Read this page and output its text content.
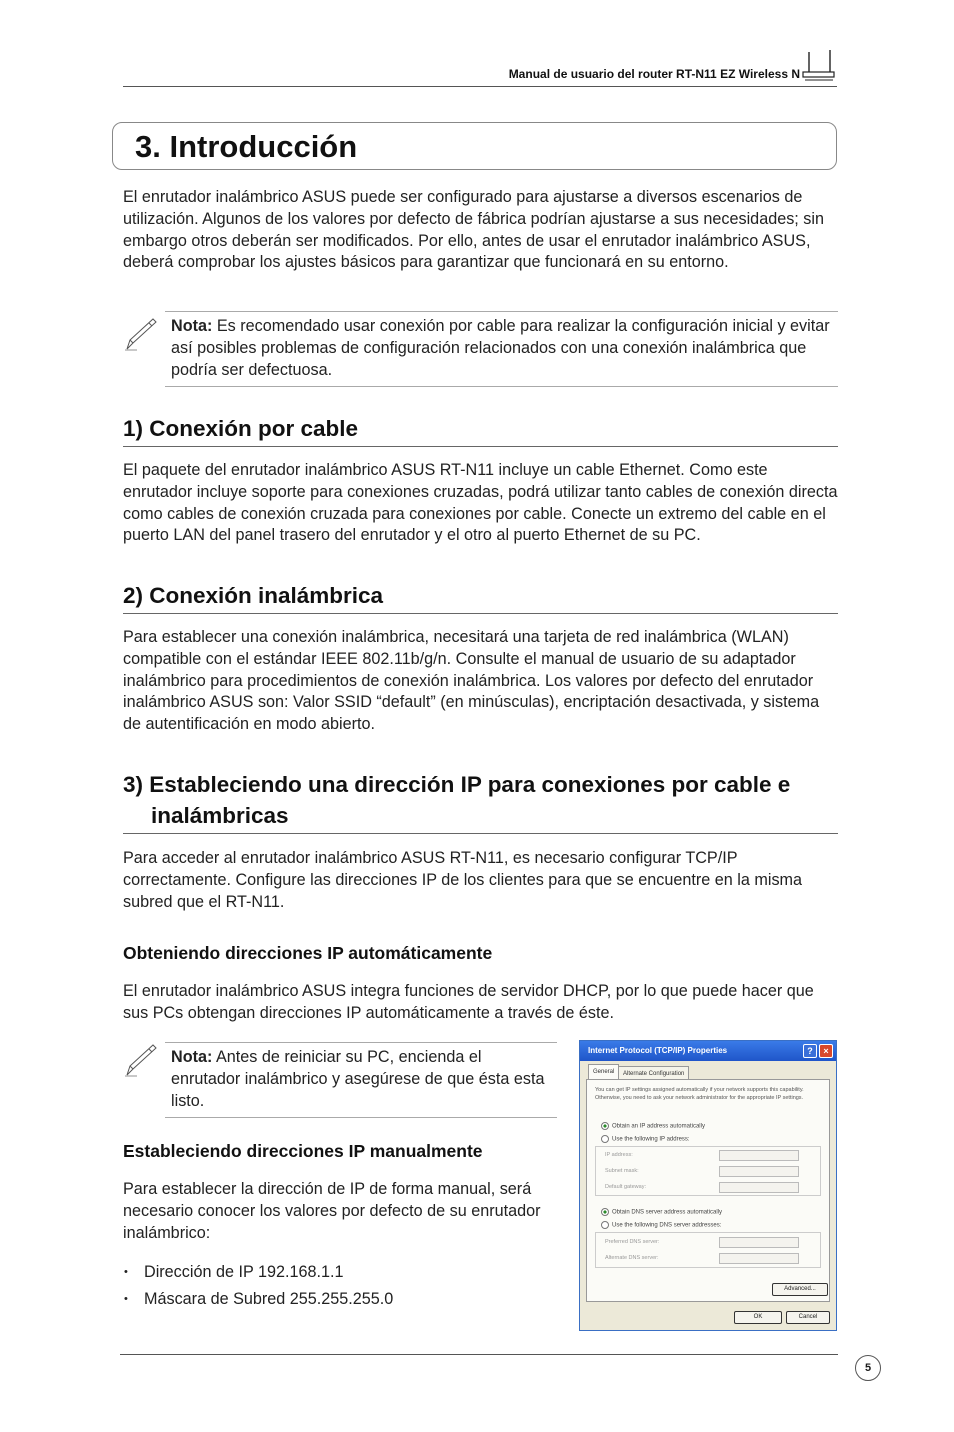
Manual de usuario del router RT-N11 EZ Wireless N
3. Introducción
El enrutador inalámbrico ASUS puede ser configurado para ajustarse a diversos escenarios de utilización. Algunos de los valores por defecto de fábrica podrían ajustarse a sus necesidades; sin embargo otros deberán ser modificados. Por ello, antes de usar el enrutador inalámbrico ASUS, deberá comprobar los ajustes básicos para garantizar que funcionará en su entorno.

Nota: Es recomendado usar conexión por cable para realizar la configuración inicial y evitar así posibles problemas de configuración relacionados con una conexión inalámbrica que podría ser defectuosa.

1) Conexión por cable
El paquete del enrutador inalámbrico ASUS RT-N11 incluye un cable Ethernet. Como este enrutador incluye soporte para conexiones cruzadas, podrá utilizar tanto cables de conexión directa como cables de conexión cruzada para conexiones por cable. Conecte un extremo del cable en el puerto LAN del panel trasero del enrutador y el otro al puerto Ethernet de su PC.
2) Conexión inalámbrica
Para establecer una conexión inalámbrica, necesitará una tarjeta de red inalámbrica (WLAN) compatible con el estándar IEEE 802.11b/g/n. Consulte el manual de usuario de su adaptador inalámbrico para procedimientos de conexión inalámbrica. Los valores por defecto del enrutador inalámbrico ASUS son: Valor SSID “default” (en minúsculas), encriptación desactivada, y sistema de autentificación en modo abierto.
3) Estableciendo una dirección IP para conexiones por cable e inalámbricas
Para acceder al enrutador inalámbrico ASUS RT-N11, es necesario configurar TCP/IP correctamente. Configure las direcciones IP de los clientes para que se encuentre en la misma subred que el RT-N11.
Obteniendo direcciones IP automáticamente
El enrutador inalámbrico ASUS integra funciones de servidor DHCP, por lo que puede hacer que sus PCs obtengan direcciones IP automáticamente a través de éste.

Nota: Antes de reiniciar su PC, encienda el enrutador inalámbrico y asegúrese de que ésta esta listo.

Estableciendo direcciones IP manualmente
Para establecer la dirección de IP de forma manual, será necesario conocer los valores por defecto de su enrutador inalámbrico:
• Dirección de IP 192.168.1.1
• Máscara de Subred 255.255.255.0
Internet Protocol (TCP/IP) Properties	?	×
General	Alternate Configuration
You can get IP settings assigned automatically if your network supports this capability. Otherwise, you need to ask your network administrator for the appropriate IP settings.
Obtain an IP address automatically
Use the following IP address:
IP address:
Subnet mask:
Default gateway:
Obtain DNS server address automatically
Use the following DNS server addresses:
Preferred DNS server:
Alternate DNS server:
Advanced...
OK	Cancel
5
